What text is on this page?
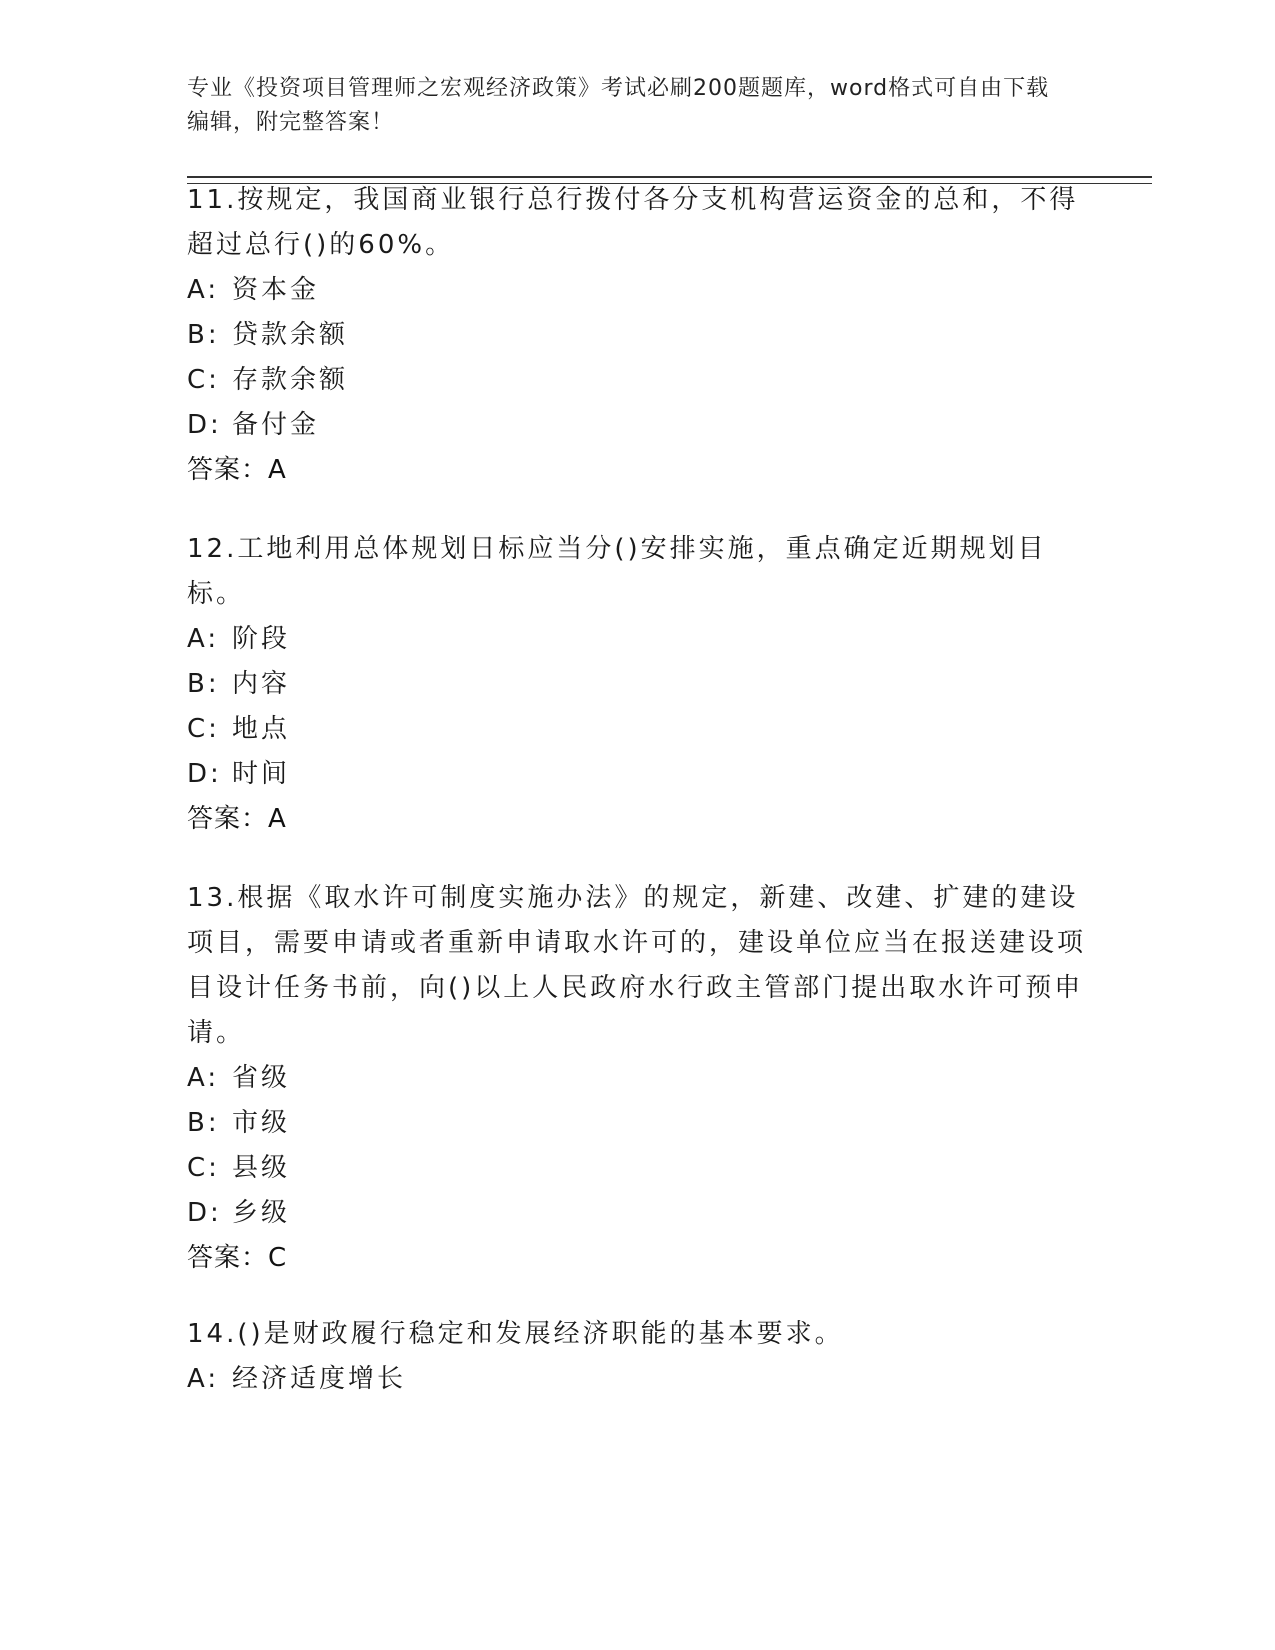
专业《投资项目管理师之宏观经济政策》考试必刷200题题库，word格式可自由下载编辑，附完整答案！
11.按规定，我国商业银行总行拨付各分支机构营运资金的总和，不得超过总行()的60%。
A: 资本金
B: 贷款余额
C: 存款余额
D: 备付金
答案：A
12.工地利用总体规划日标应当分()安排实施，重点确定近期规划目标。
A: 阶段
B: 内容
C: 地点
D: 时间
答案：A
13.根据《取水许可制度实施办法》的规定，新建、改建、扩建的建设项目，需要申请或者重新申请取水许可的，建设单位应当在报送建设项目设计任务书前，向()以上人民政府水行政主管部门提出取水许可预申请。
A: 省级
B: 市级
C: 县级
D: 乡级
答案：C
14.()是财政履行稳定和发展经济职能的基本要求。
A: 经济适度增长
